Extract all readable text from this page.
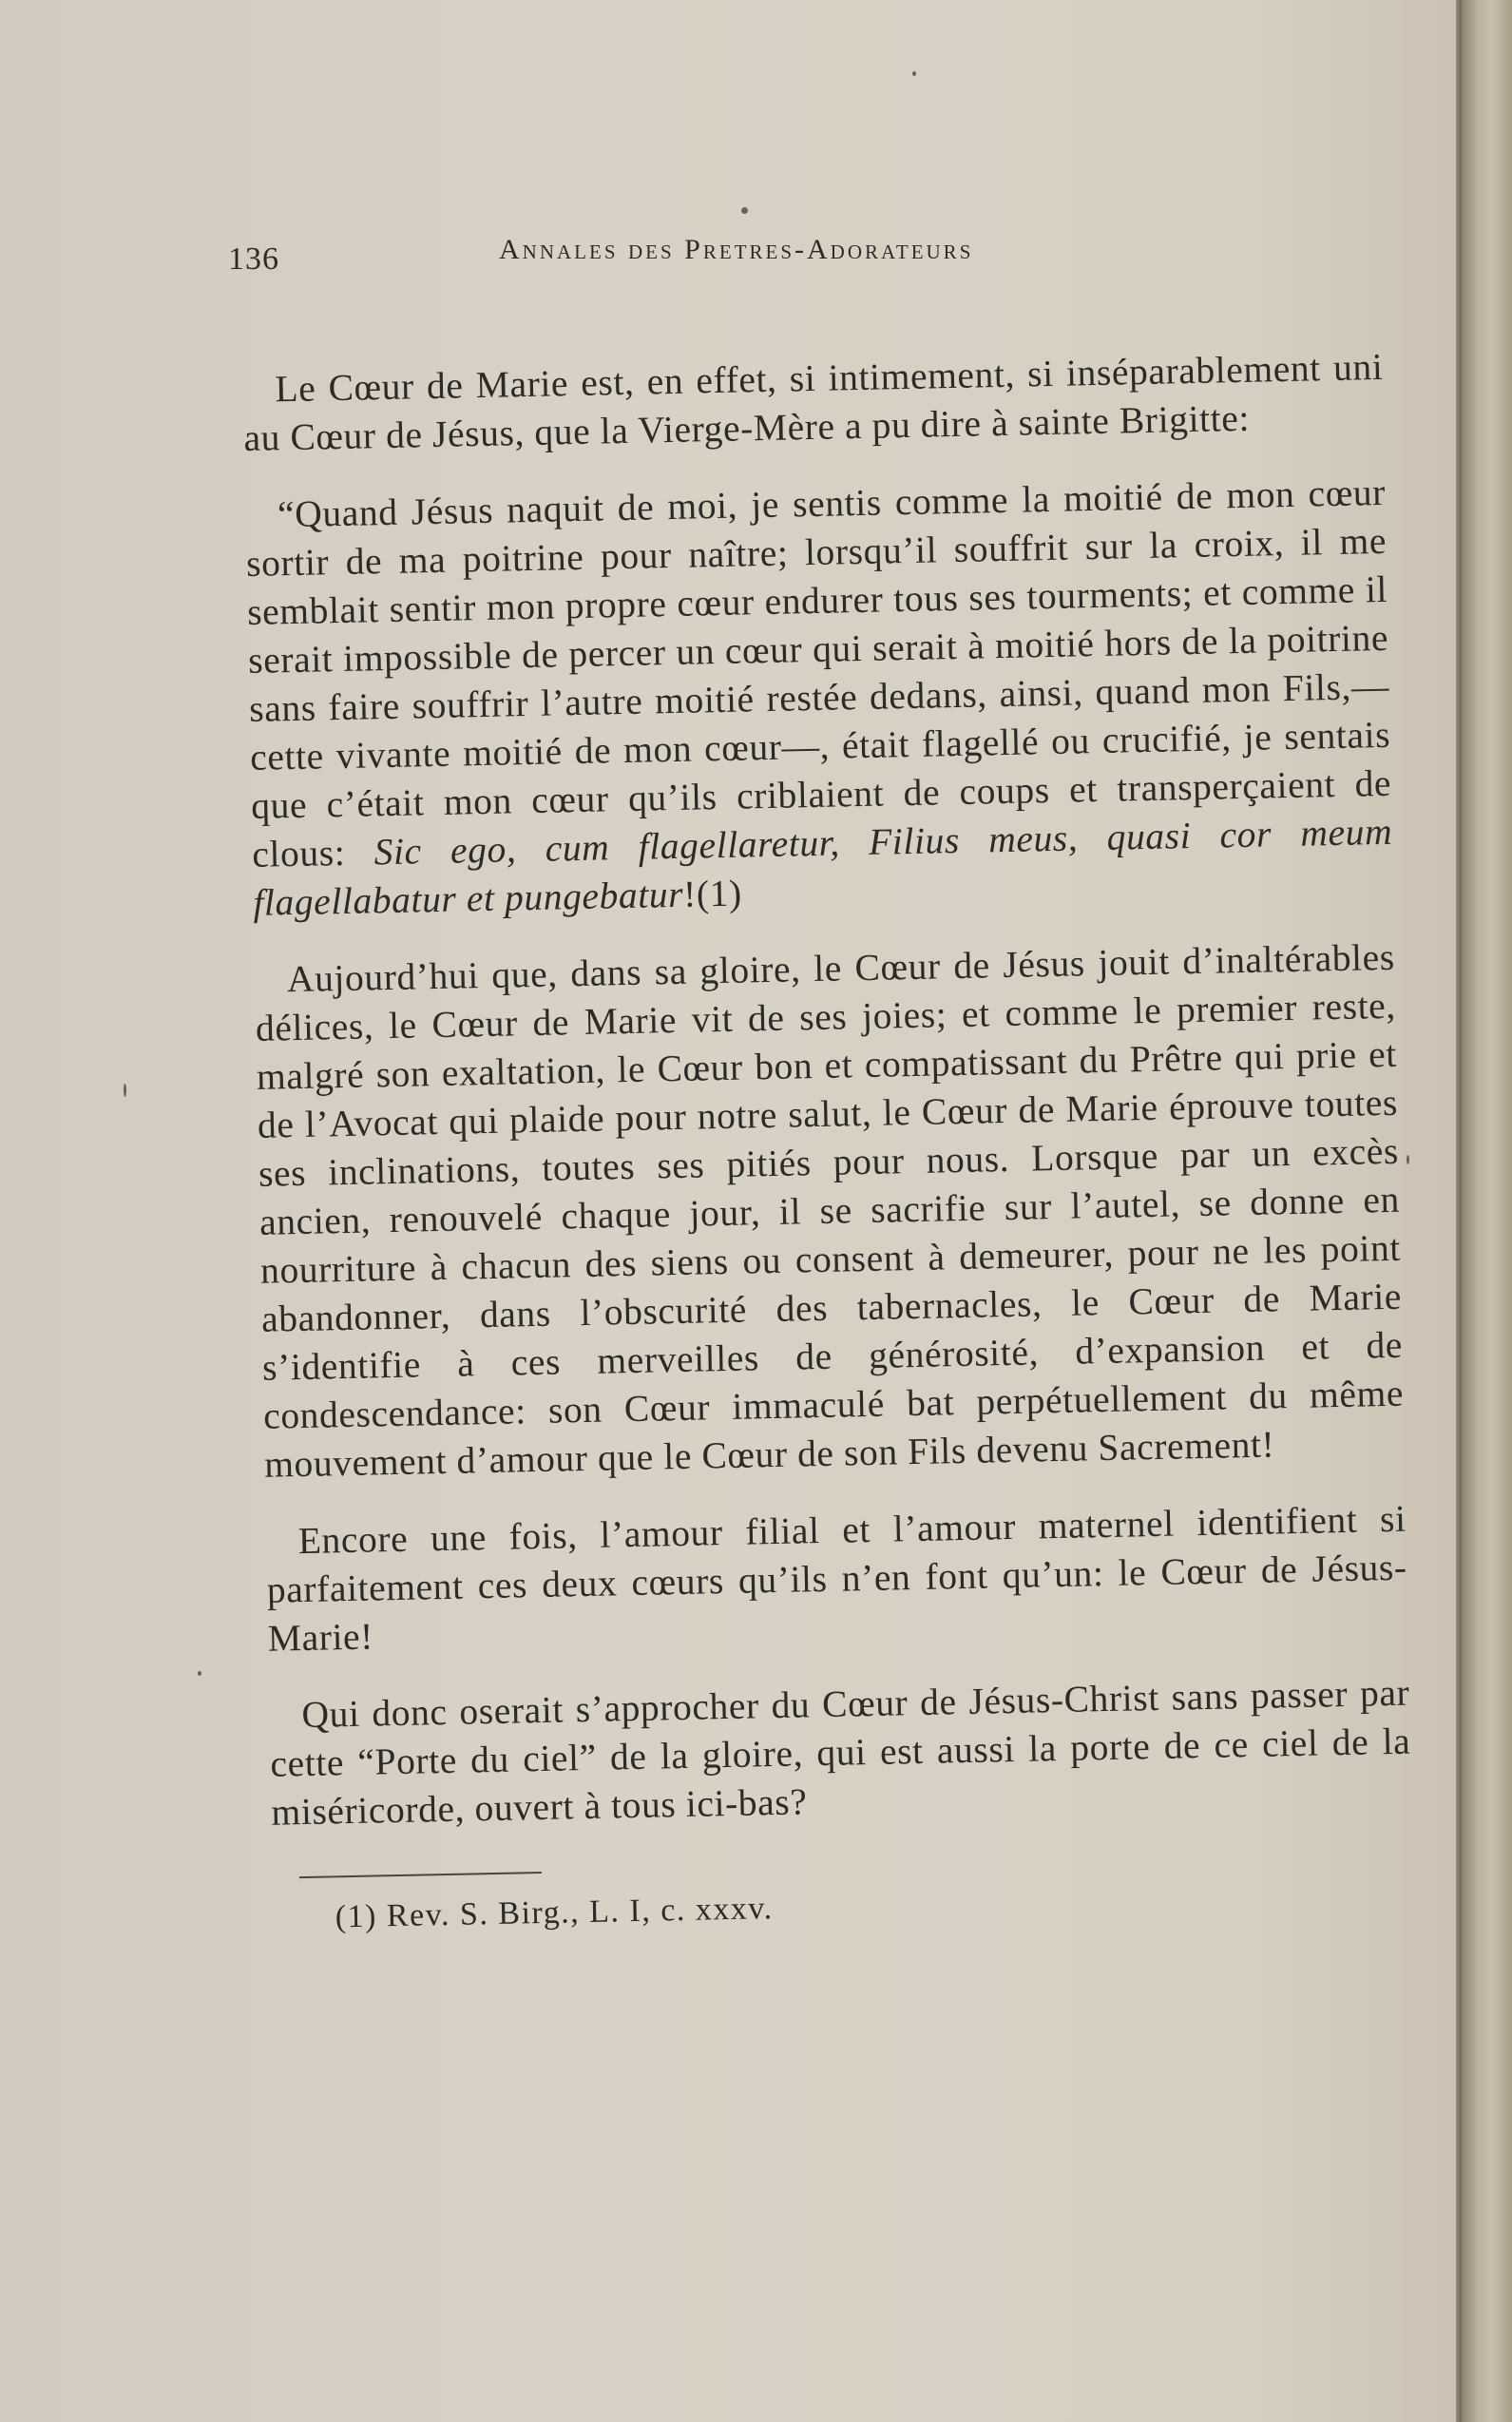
136	Annales des Pretres-Adorateurs

Le Cœur de Marie est, en effet, si intimement, si inséparablement uni au Cœur de Jésus, que la Vierge-Mère a pu dire à sainte Brigitte:

“Quand Jésus naquit de moi, je sentis comme la moitié de mon cœur sortir de ma poitrine pour naître; lorsqu’il souffrit sur la croix, il me semblait sentir mon propre cœur endurer tous ses tourments; et comme il serait impossible de percer un cœur qui serait à moitié hors de la poitrine sans faire souffrir l’autre moitié restée dedans, ainsi, quand mon Fils,— cette vivante moitié de mon cœur—, était flagellé ou crucifié, je sentais que c’était mon cœur qu’ils criblaient de coups et transperçaient de clous: Sic ego, cum flagellaretur, Filius meus, quasi cor meum flagellabatur et pungebatur!(1)

Aujourd’hui que, dans sa gloire, le Cœur de Jésus jouit d’inaltérables délices, le Cœur de Marie vit de ses joies; et comme le premier reste, malgré son exaltation, le Cœur bon et compatissant du Prêtre qui prie et de l’Avocat qui plaide pour notre salut, le Cœur de Marie éprouve toutes ses inclinations, toutes ses pitiés pour nous. Lorsque par un excès ancien, renouvelé chaque jour, il se sacrifie sur l’autel, se donne en nourriture à chacun des siens ou consent à demeurer, pour ne les point abandonner, dans l’obscurité des tabernacles, le Cœur de Marie s’identifie à ces merveilles de générosité, d’expansion et de condescendance: son Cœur immaculé bat perpétuellement du même mouvement d’amour que le Cœur de son Fils devenu Sacrement!

Encore une fois, l’amour filial et l’amour maternel identifient si parfaitement ces deux cœurs qu’ils n’en font qu’un: le Cœur de Jésus-Marie!

Qui donc oserait s’approcher du Cœur de Jésus-Christ sans passer par cette “Porte du ciel” de la gloire, qui est aussi la porte de ce ciel de la miséricorde, ouvert à tous ici-bas?

(1) Rev. S. Birg., L. I, c. xxxv.
